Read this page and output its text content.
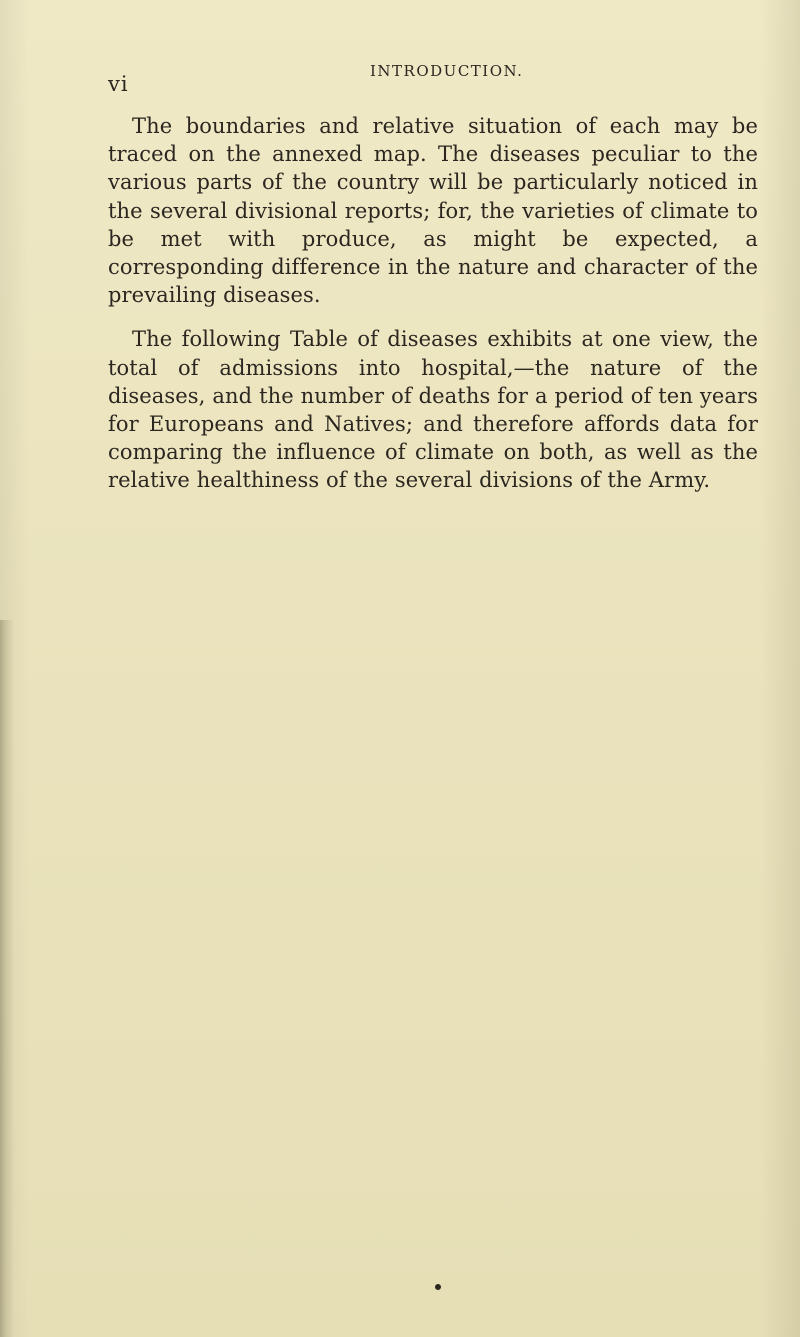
vi
INTRODUCTION.

The boundaries and relative situation of each may be traced on the annexed map. The diseases peculiar to the various parts of the country will be particularly noticed in the several divisional reports; for, the varieties of climate to be met with produce, as might be expected, a corresponding difference in the nature and character of the prevailing diseases.

The following Table of diseases exhibits at one view, the total of admissions into hospital,—the nature of the diseases, and the number of deaths for a period of ten years for Europeans and Natives; and therefore affords data for comparing the influence of climate on both, as well as the relative healthiness of the several divisions of the Army.
